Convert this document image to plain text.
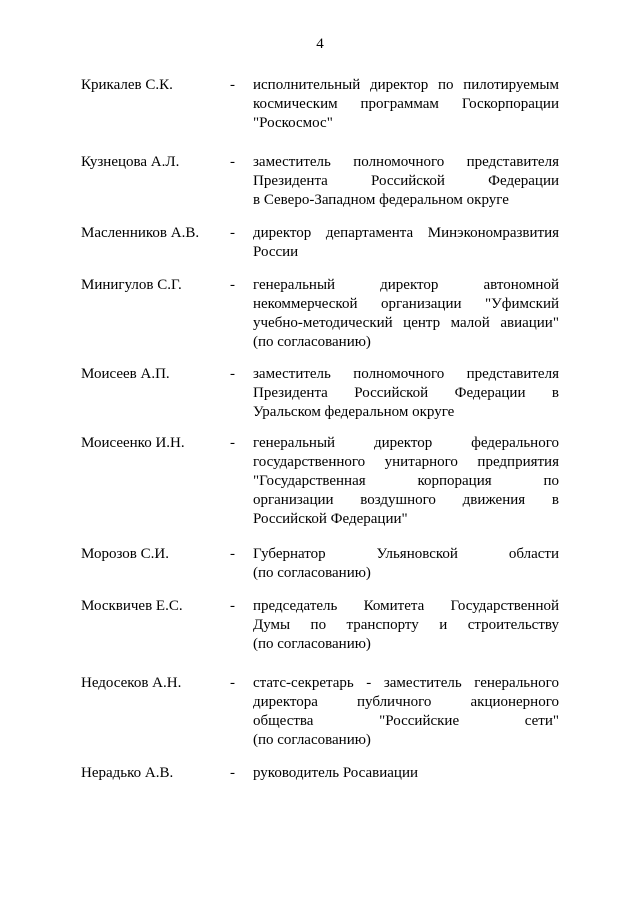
4
Крикалев С.К.	- исполнительный директор по пилотируемым
космическим программам Госкорпорации
"Роскосмос"
Кузнецова А.Л.	- заместитель полномочного представителя
Президента	Российской	Федерации
в Северо-Западном федеральном округе
Масленников А.В. - директор департамента Минэкономразвития
России
Минигулов С.Г.	- генеральный	директор	автономной
некоммерческой организации "Уфимский
учебно-методический центр малой авиации"
(по согласованию)
Моисеев А.П.	- заместитель полномочного представителя
Президента Российской Федерации в
Уральском федеральном округе
Моисеенко И.Н.	- генеральный	директор	федерального
государственного унитарного предприятия
"Государственная	корпорация	по
организации воздушного движения в
Российской Федерации"
Морозов С.И.	- Губернатор	Ульяновской	области
(по согласованию)
Москвичев Е.С.	- председатель Комитета Государственной
Думы по транспорту и строительству
(по согласованию)
Недосеков А.Н.	- статс-секретарь - заместитель генерального
директора	публичного	акционерного
общества	"Российские	сети"
(по согласованию)
Нерадько А.В.	- руководитель Росавиации
